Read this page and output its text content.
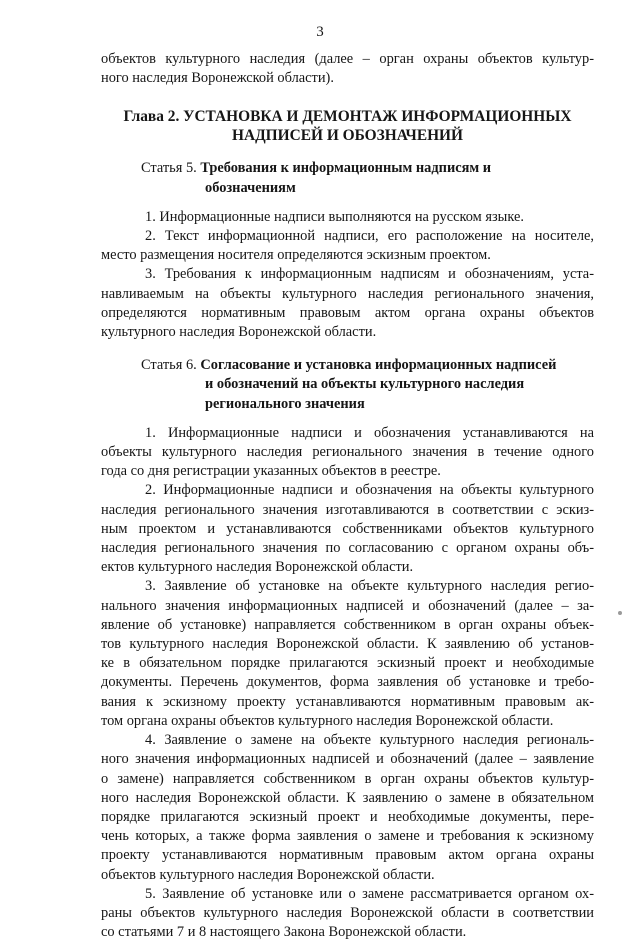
3
объектов культурного наследия (далее – орган охраны объектов культур-
ного наследия Воронежской области).
Глава 2. УСТАНОВКА И ДЕМОНТАЖ ИНФОРМАЦИОННЫХ
НАДПИСЕЙ И ОБОЗНАЧЕНИЙ
Статья 5. Требования к информационным надписям и
обозначениям
1. Информационные надписи выполняются на русском языке.
2. Текст информационной надписи, его расположение на носителе,
место размещения носителя определяются эскизным проектом.
3. Требования к информационным надписям и обозначениям, уста-
навливаемым на объекты культурного наследия регионального значения,
определяются нормативным правовым актом органа охраны объектов
культурного наследия Воронежской области.
Статья 6. Согласование и установка информационных надписей
и обозначений на объекты культурного наследия
регионального значения
1. Информационные надписи и обозначения устанавливаются на
объекты культурного наследия регионального значения в течение одного
года со дня регистрации указанных объектов в реестре.
2. Информационные надписи и обозначения на объекты культурного
наследия регионального значения изготавливаются в соответствии с эскиз-
ным проектом и устанавливаются собственниками объектов культурного
наследия регионального значения по согласованию с органом охраны объ-
ектов культурного наследия Воронежской области.
3. Заявление об установке на объекте культурного наследия регио-
нального значения информационных надписей и обозначений (далее – за-
явление об установке) направляется собственником в орган охраны объек-
тов культурного наследия Воронежской области. К заявлению об установ-
ке в обязательном порядке прилагаются эскизный проект и необходимые
документы. Перечень документов, форма заявления об установке и требо-
вания к эскизному проекту устанавливаются нормативным правовым ак-
том органа охраны объектов культурного наследия Воронежской области.
4. Заявление о замене на объекте культурного наследия региональ-
ного значения информационных надписей и обозначений (далее – заявление
о замене) направляется собственником в орган охраны объектов культур-
ного наследия Воронежской области. К заявлению о замене в обязательном
порядке прилагаются эскизный проект и необходимые документы, пере-
чень которых, а также форма заявления о замене и требования к эскизному
проекту устанавливаются нормативным правовым актом органа охраны
объектов культурного наследия Воронежской области.
5. Заявление об установке или о замене рассматривается органом ох-
раны объектов культурного наследия Воронежской области в соответствии
со статьями 7 и 8 настоящего Закона Воронежской области.
